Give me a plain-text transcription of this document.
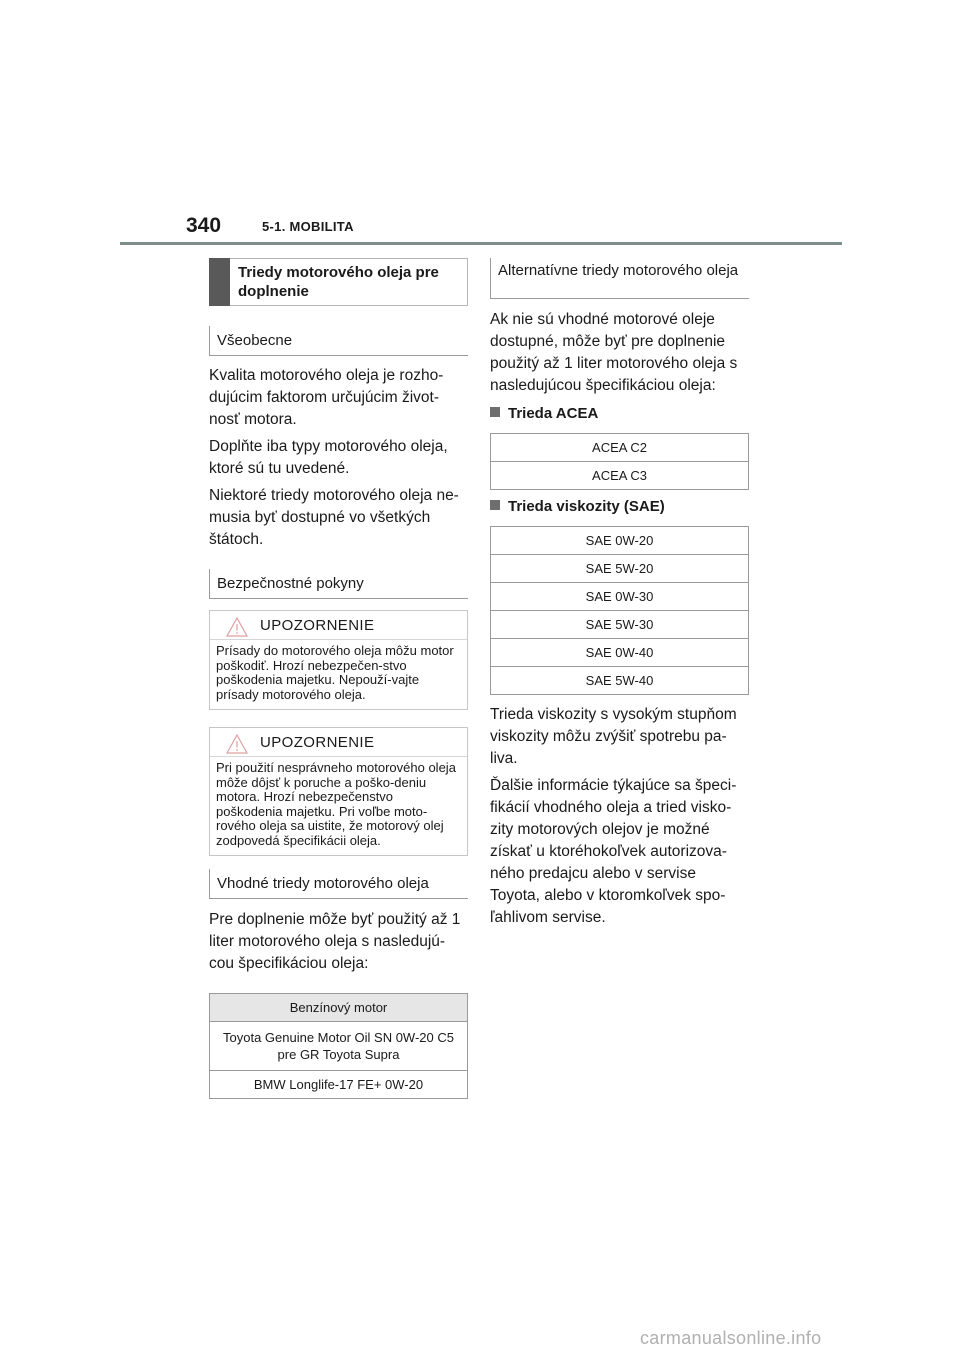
340	5-1. MOBILITA
Triedy motorového oleja pre doplnenie
Všeobecne

Kvalita motorového oleja je rozho-dujúcim faktorom určujúcim život-nosť motora.

Doplňte iba typy motorového oleja, ktoré sú tu uvedené.

Niektoré triedy motorového oleja ne-musia byť dostupné vo všetkých štátoch.

Bezpečnostné pokyny
UPOZORNENIE
Prísady do motorového oleja môžu motor poškodiť. Hrozí nebezpečen-stvo poškodenia majetku. Nepouží-vajte prísady motorového oleja.
UPOZORNENIE
Pri použití nesprávneho motorového oleja môže dôjsť k poruche a poško-deniu motora. Hrozí nebezpečenstvo poškodenia majetku. Pri voľbe moto-rového oleja sa uistite, že motorový olej zodpovedá špecifikácii oleja.
Vhodné triedy motorového oleja

Pre doplnenie môže byť použitý až 1 liter motorového oleja s nasledujú-cou špecifikáciou oleja:

Benzínový motor
Toyota Genuine Motor Oil SN 0W-20 C5 pre GR Toyota Supra
BMW Longlife-17 FE+ 0W-20
Alternatívne triedy motorového oleja

Ak nie sú vhodné motorové oleje dostupné, môže byť pre doplnenie použitý až 1 liter motorového oleja s nasledujúcou špecifikáciou oleja:

Trieda ACEA
ACEA C2
ACEA C3
Trieda viskozity (SAE)
SAE 0W-20
SAE 5W-20
SAE 0W-30
SAE 5W-30
SAE 0W-40
SAE 5W-40

Trieda viskozity s vysokým stupňom viskozity môžu zvýšiť spotrebu pa-liva.

Ďalšie informácie týkajúce sa špeci-fikácií vhodného oleja a tried visko-zity motorových olejov je možné získať u ktoréhokoľvek autorizova-ného predajcu alebo v servise Toyota, alebo v ktoromkoľvek spo-ľahlivom servise.

carmanualsonline.info
